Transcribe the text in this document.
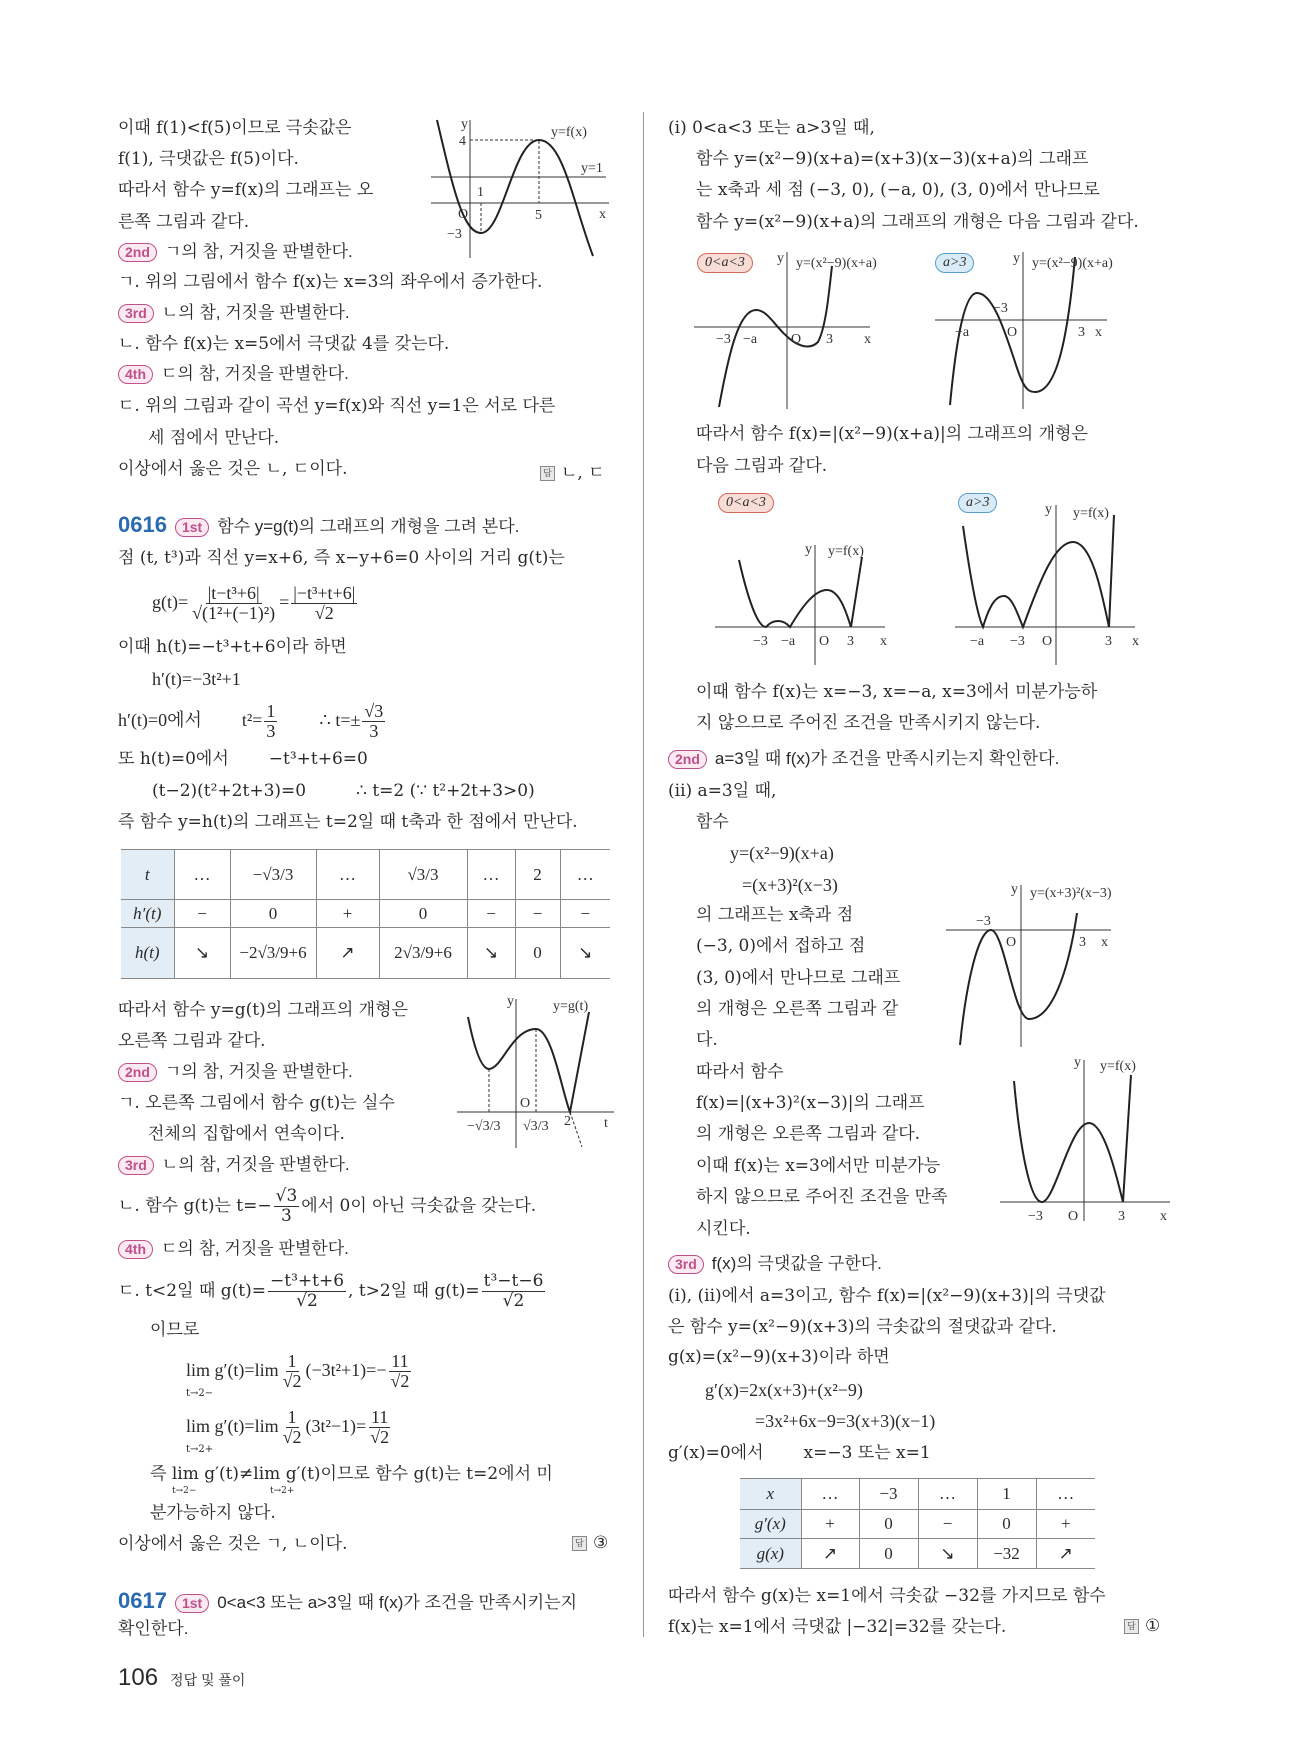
이때 f(1)<f(5)이므로 극솟값은
f(1), 극댓값은 f(5)이다.
따라서 함수 y=f(x)의 그래프는 오
른쪽 그림과 같다.
2nd ㄱ의 참, 거짓을 판별한다.
ㄱ. 위의 그림에서 함수 f(x)는 x=3의 좌우에서 증가한다.
3rd ㄴ의 참, 거짓을 판별한다.
ㄴ. 함수 f(x)는 x=5에서 극댓값 4를 갖는다.
4th ㄷ의 참, 거짓을 판별한다.
ㄷ. 위의 그림과 같이 곡선 y=f(x)와 직선 y=1은 서로 다른
세 점에서 만난다.
이상에서 옳은 것은 ㄴ, ㄷ이다.	답 ㄴ, ㄷ
y
4
y=f(x)
y=1
1
O	5	x
−3
0616 1st 함수 y=g(t)의 그래프의 개형을 그려 본다.
점 (t, t³)과 직선 y=x+6, 즉 x−y+6=0 사이의 거리 g(t)는
$g(t)= \frac{\text{|t−t³+6|}}{\text{√(1²+(−1)²)}} = \frac{\text{|−t³+t+6|}}{√2}$
이때 h(t)=−t³+t+6이라 하면
h′(t)=−3t²+1
h′(t)=0에서 $t^2= \frac{1}{3}$ ∴ $t=\pm \frac{√3}{3}$
또 h(t)=0에서 −t³+t+6=0
(t−2)(t²+2t+3)=0	∴ t=2 (∵ t²+2t+3>0)
즉 함수 y=h(t)의 그래프는 t=2일 때 t축과 한 점에서 만난다.
t	…	−√3/3	…	√3/3	…	2	…
h′(t)	−	0	+	0	−	−	−
h(t)	↘	−2√3/9+6	↗	2√3/9+6	↘	0	↘
따라서 함수 y=g(t)의 그래프의 개형은
오른쪽 그림과 같다.
2nd ㄱ의 참, 거짓을 판별한다.
ㄱ. 오른쪽 그림에서 함수 g(t)는 실수
전체의 집합에서 연속이다.
3rd ㄴ의 참, 거짓을 판별한다.
ㄴ. 함수 g(t)는 $t=- \frac{√3}{3}$ 에서 0이 아닌 극솟값을 갖는다.
4th ㄷ의 참, 거짓을 판별한다.
ㄷ. t<2일 때 $g(t)= \frac{\text{−t³+t+6}}{√2}$ , t>2일 때 $g(t)= \frac{\text{t³−t−6}}{√2}$
이므로
$\lim g'(t)=\lim \frac{1}{√2} (-3t^2+1)=- \frac{11}{√2}$
t→2−
$\lim g'(t)=\lim \frac{1}{√2} (3t^2-1)= \frac{11}{√2}$
t→2+
즉 lim g′(t)≠lim g′(t)이므로 함수 g(t)는 t=2에서 미
t→2−	t→2+
분가능하지 않다.
이상에서 옳은 것은 ㄱ, ㄴ이다.	답 ③
y	y=g(t)
O
−√3/3 √3/3 2 t
0617 1st 0<a<3 또는 a>3일 때 f(x)가 조건을 만족시키는지
확인한다.
106 정답 및 풀이
(i) 0<a<3 또는 a>3일 때,
함수 y=(x²−9)(x+a)=(x+3)(x−3)(x+a)의 그래프
는 x축과 세 점 (−3, 0), (−a, 0), (3, 0)에서 만나므로
함수 y=(x²−9)(x+a)의 그래프의 개형은 다음 그림과 같다.
0<a<3	y y=(x²−9)(x+a)
−3 −a O 3 x
a>3	y y=(x²−9)(x+a)
−3
−a	O	3 x
따라서 함수 f(x)=|(x²−9)(x+a)|의 그래프의 개형은
다음 그림과 같다.
0<a<3
y y=f(x)
−3 −a O 3 x
a>3	y y=f(x)
−a −3 O	3 x
이때 함수 f(x)는 x=−3, x=−a, x=3에서 미분가능하
지 않으므로 주어진 조건을 만족시키지 않는다.
2nd a=3일 때 f(x)가 조건을 만족시키는지 확인한다.
(ii) a=3일 때,
함수
y=(x²−9)(x+a)
=(x+3)²(x−3)
의 그래프는 x축과 점
(−3, 0)에서 접하고 점
(3, 0)에서 만나므로 그래프
의 개형은 오른쪽 그림과 같
다.
따라서 함수
f(x)=|(x+3)²(x−3)|의 그래프
의 개형은 오른쪽 그림과 같다.
이때 f(x)는 x=3에서만 미분가능
하지 않으므로 주어진 조건을 만족
시킨다.
y y=(x+3)²(x−3)
−3
O	3 x
y y=f(x)
−3 O	3	x
3rd f(x)의 극댓값을 구한다.
(i), (ii)에서 a=3이고, 함수 f(x)=|(x²−9)(x+3)|의 극댓값
은 함수 y=(x²−9)(x+3)의 극솟값의 절댓값과 같다.
g(x)=(x²−9)(x+3)이라 하면
g′(x)=2x(x+3)+(x²−9)
=3x²+6x−9=3(x+3)(x−1)
g′(x)=0에서 x=−3 또는 x=1
x	…	−3	…	1	…
g′(x)	+	0	−	0	+
g(x)	↗	0	↘	−32	↗
따라서 함수 g(x)는 x=1에서 극솟값 −32를 가지므로 함수
f(x)는 x=1에서 극댓값 |−32|=32를 갖는다.	답 ①
